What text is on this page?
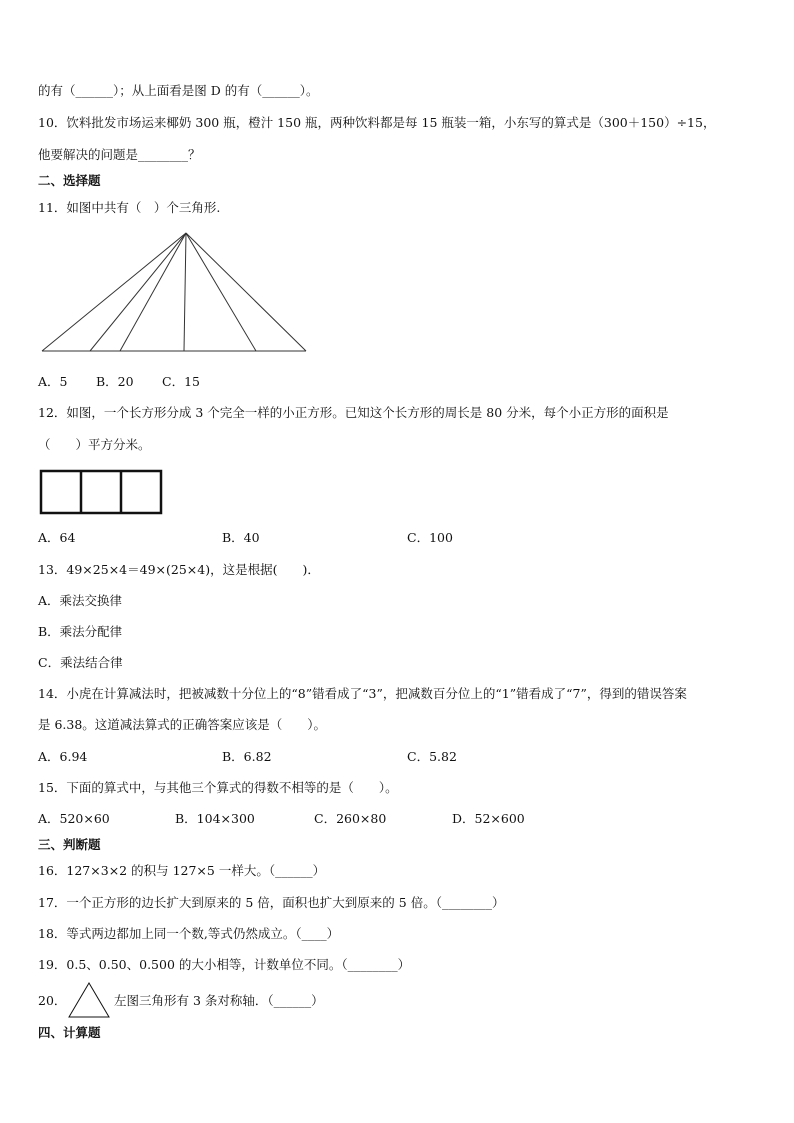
的有（______）；从上面看是图 D 的有（______）。
10．饮料批发市场运来椰奶 300 瓶，橙汁 150 瓶，两种饮料都是每 15 瓶装一箱，小东写的算式是（300＋150）÷15，
他要解决的问题是________？
二、选择题
11．如图中共有（　）个三角形.
A．5 B．20 C．15
12．如图，一个长方形分成 3 个完全一样的小正方形。已知这个长方形的周长是 80 分米，每个小正方形的面积是
（　　）平方分米。
A．64	B．40	C．100
13．49×25×4＝49×(25×4)，这是根据(　　)．
A．乘法交换律
B．乘法分配律
C．乘法结合律
14．小虎在计算减法时，把被减数十分位上的“8”错看成了“3”，把减数百分位上的“1”错看成了“7”，得到的错误答案
是 6.38。这道减法算式的正确答案应该是（　　）。
A．6.94	B．6.82	C．5.82
15．下面的算式中，与其他三个算式的得数不相等的是（　　）。
A．520×60	B．104×300	C．260×80	D．52×600
三、判断题
16．127×3×2 的积与 127×5 一样大。（______）
17．一个正方形的边长扩大到原来的 5 倍，面积也扩大到原来的 5 倍。（________）
18．等式两边都加上同一个数,等式仍然成立。（____）
19．0.5、0.50、0.500 的大小相等，计数单位不同。（________）
20．	左图三角形有 3 条对称轴．（______）
四、计算题
